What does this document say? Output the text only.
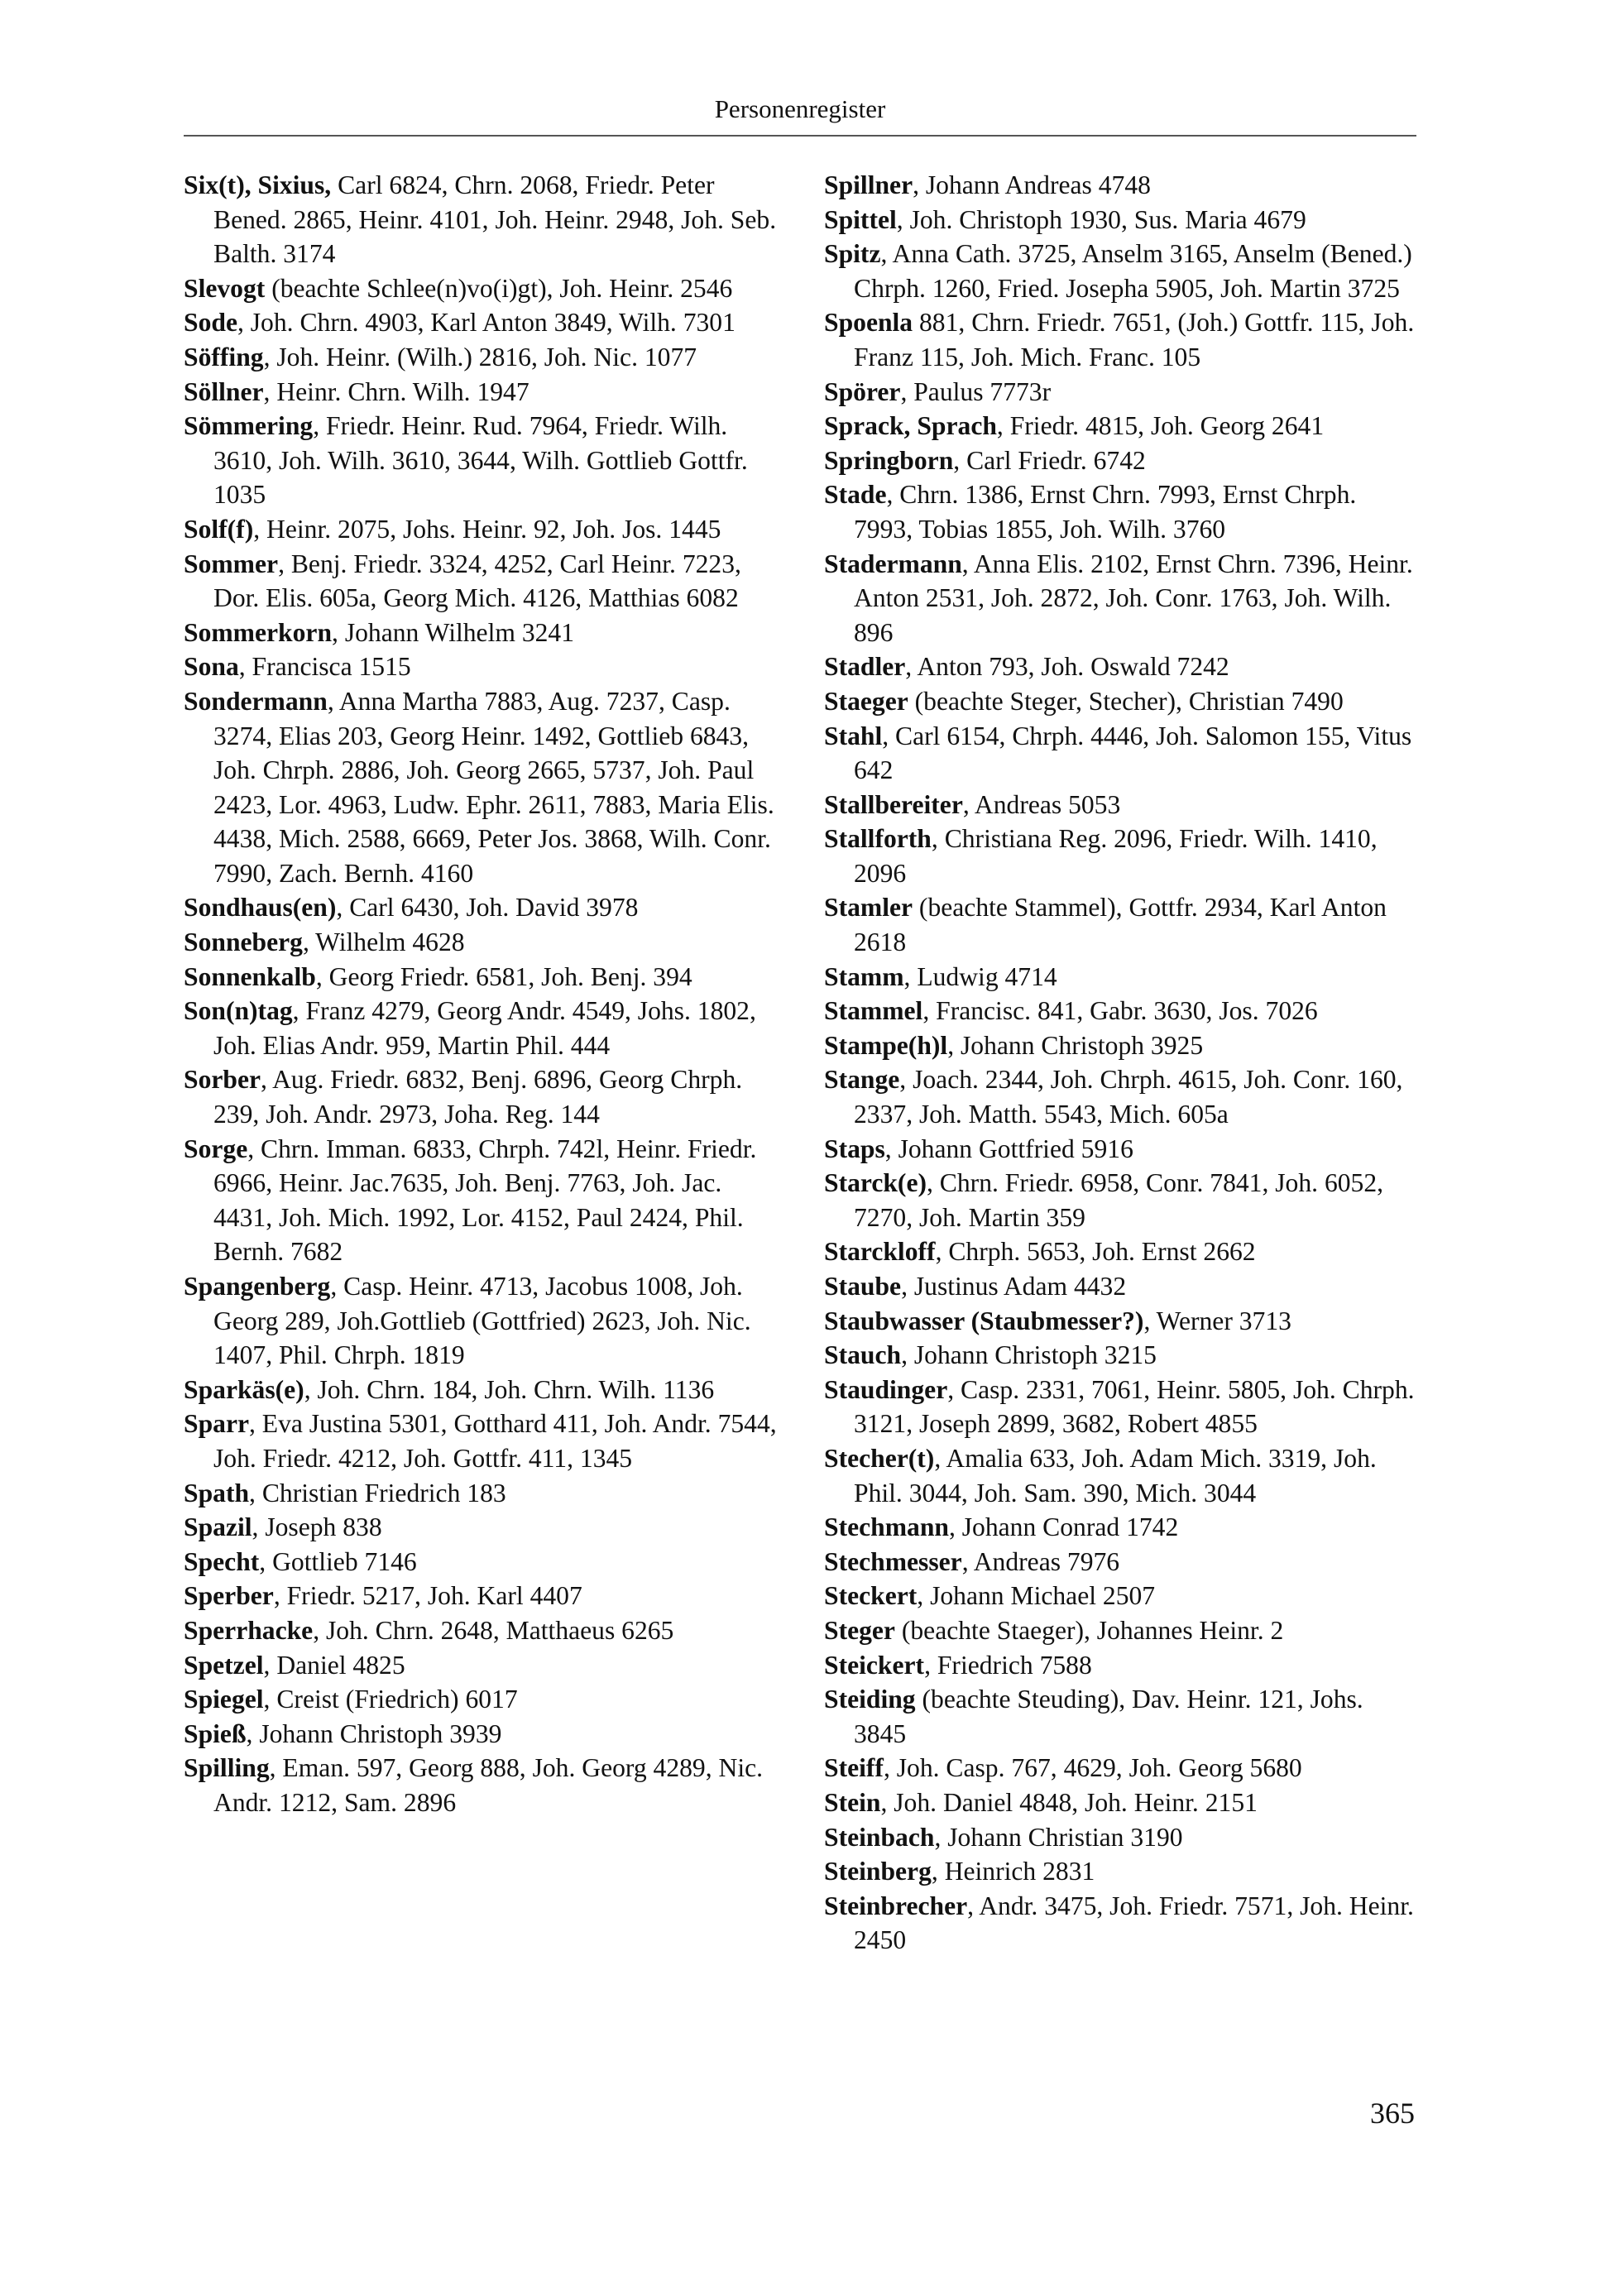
Personenregister
Six(t), Sixius, Carl 6824, Chrn. 2068, Friedr. Peter Bened. 2865, Heinr. 4101, Joh. Heinr. 2948, Joh. Seb. Balth. 3174
Slevogt (beachte Schlee(n)vo(i)gt), Joh. Heinr. 2546
Sode, Joh. Chrn. 4903, Karl Anton 3849, Wilh. 7301
Söffing, Joh. Heinr. (Wilh.) 2816, Joh. Nic. 1077
Söllner, Heinr. Chrn. Wilh. 1947
Sömmering, Friedr. Heinr. Rud. 7964, Friedr. Wilh. 3610, Joh. Wilh. 3610, 3644, Wilh. Gottlieb Gottfr. 1035
Solf(f), Heinr. 2075, Johs. Heinr. 92, Joh. Jos. 1445
Sommer, Benj. Friedr. 3324, 4252, Carl Heinr. 7223, Dor. Elis. 605a, Georg Mich. 4126, Matthias 6082
Sommerkorn, Johann Wilhelm 3241
Sona, Francisca 1515
Sondermann, Anna Martha 7883, Aug. 7237, Casp. 3274, Elias 203, Georg Heinr. 1492, Gottlieb 6843, Joh. Chrph. 2886, Joh. Georg 2665, 5737, Joh. Paul 2423, Lor. 4963, Ludw. Ephr. 2611, 7883, Maria Elis. 4438, Mich. 2588, 6669, Peter Jos. 3868, Wilh. Conr. 7990, Zach. Bernh. 4160
Sondhaus(en), Carl 6430, Joh. David 3978
Sonneberg, Wilhelm 4628
Sonnenkalb, Georg Friedr. 6581, Joh. Benj. 394
Son(n)tag, Franz 4279, Georg Andr. 4549, Johs. 1802, Joh. Elias Andr. 959, Martin Phil. 444
Sorber, Aug. Friedr. 6832, Benj. 6896, Georg Chrph. 239, Joh. Andr. 2973, Joha. Reg. 144
Sorge, Chrn. Imman. 6833, Chrph. 742l, Heinr. Friedr. 6966, Heinr. Jac.7635, Joh. Benj. 7763, Joh. Jac. 4431, Joh. Mich. 1992, Lor. 4152, Paul 2424, Phil. Bernh. 7682
Spangenberg, Casp. Heinr. 4713, Jacobus 1008, Joh. Georg 289, Joh.Gottlieb (Gottfried) 2623, Joh. Nic. 1407, Phil. Chrph. 1819
Sparkäs(e), Joh. Chrn. 184, Joh. Chrn. Wilh. 1136
Sparr, Eva Justina 5301, Gotthard 411, Joh. Andr. 7544, Joh. Friedr. 4212, Joh. Gottfr. 411, 1345
Spath, Christian Friedrich 183
Spazil, Joseph 838
Specht, Gottlieb 7146
Sperber, Friedr. 5217, Joh. Karl 4407
Sperrhacke, Joh. Chrn. 2648, Matthaeus 6265
Spetzel, Daniel 4825
Spiegel, Creist (Friedrich) 6017
Spieß, Johann Christoph 3939
Spilling, Eman. 597, Georg 888, Joh. Georg 4289, Nic. Andr. 1212, Sam. 2896
Spillner, Johann Andreas 4748
Spittel, Joh. Christoph 1930, Sus. Maria 4679
Spitz, Anna Cath. 3725, Anselm 3165, Anselm (Bened.) Chrph. 1260, Fried. Josepha 5905, Joh. Martin 3725
Spoenla 881, Chrn. Friedr. 7651, (Joh.) Gottfr. 115, Joh. Franz 115, Joh. Mich. Franc. 105
Spörer, Paulus 7773r
Sprack, Sprach, Friedr. 4815, Joh. Georg 2641
Springborn, Carl Friedr. 6742
Stade, Chrn. 1386, Ernst Chrn. 7993, Ernst Chrph. 7993, Tobias 1855, Joh. Wilh. 3760
Stadermann, Anna Elis. 2102, Ernst Chrn. 7396, Heinr. Anton 2531, Joh. 2872, Joh. Conr. 1763, Joh. Wilh. 896
Stadler, Anton 793, Joh. Oswald 7242
Staeger (beachte Steger, Stecher), Christian 7490
Stahl, Carl 6154, Chrph. 4446, Joh. Salomon 155, Vitus 642
Stallbereiter, Andreas 5053
Stallforth, Christiana Reg. 2096, Friedr. Wilh. 1410, 2096
Stamler (beachte Stammel), Gottfr. 2934, Karl Anton 2618
Stamm, Ludwig 4714
Stammel, Francisc. 841, Gabr. 3630, Jos. 7026
Stampe(h)l, Johann Christoph 3925
Stange, Joach. 2344, Joh. Chrph. 4615, Joh. Conr. 160, 2337, Joh. Matth. 5543, Mich. 605a
Staps, Johann Gottfried 5916
Starck(e), Chrn. Friedr. 6958, Conr. 7841, Joh. 6052, 7270, Joh. Martin 359
Starckloff, Chrph. 5653, Joh. Ernst 2662
Staube, Justinus Adam 4432
Staubwasser (Staubmesser?), Werner 3713
Stauch, Johann Christoph 3215
Staudinger, Casp. 2331, 7061, Heinr. 5805, Joh. Chrph. 3121, Joseph 2899, 3682, Robert 4855
Stecher(t), Amalia 633, Joh. Adam Mich. 3319, Joh. Phil. 3044, Joh. Sam. 390, Mich. 3044
Stechmann, Johann Conrad 1742
Stechmesser, Andreas 7976
Steckert, Johann Michael 2507
Steger (beachte Staeger), Johannes Heinr. 2
Steickert, Friedrich 7588
Steiding (beachte Steuding), Dav. Heinr. 121, Johs. 3845
Steiff, Joh. Casp. 767, 4629, Joh. Georg 5680
Stein, Joh. Daniel 4848, Joh. Heinr. 2151
Steinbach, Johann Christian 3190
Steinberg, Heinrich 2831
Steinbrecher, Andr. 3475, Joh. Friedr. 7571, Joh. Heinr. 2450
365
